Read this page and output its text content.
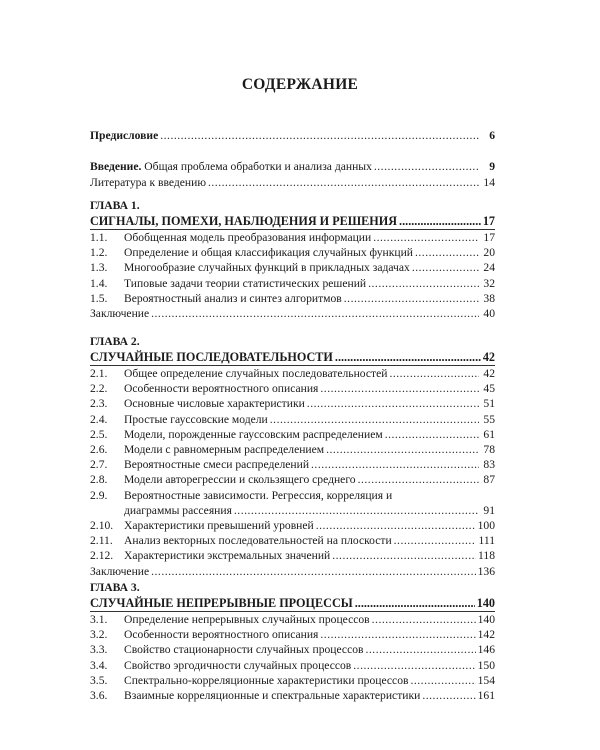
СОДЕРЖАНИЕ
Предисловие .....	6
Введение. Общая проблема обработки и анализа данных .....	9
Литература к введению .....	14
ГЛАВА 1.
СИГНАЛЫ, ПОМЕХИ, НАБЛЮДЕНИЯ И РЕШЕНИЯ .....	17
1.1.	Обобщенная модель преобразования информации .....	17
1.2.	Определение и общая классификация случайных функций .....	20
1.3.	Многообразие случайных функций в прикладных задачах .....	24
1.4.	Типовые задачи теории статистических решений .....	32
1.5.	Вероятностный анализ и синтез алгоритмов .....	38
Заключение .....	40
ГЛАВА 2.
СЛУЧАЙНЫЕ ПОСЛЕДОВАТЕЛЬНОСТИ .....	42
2.1.	Общее определение случайных последовательностей .....	42
2.2.	Особенности вероятностного описания .....	45
2.3.	Основные числовые характеристики .....	51
2.4.	Простые гауссовские модели .....	55
2.5.	Модели, порожденные гауссовским распределением .....	61
2.6.	Модели с равномерным распределением .....	78
2.7.	Вероятностные смеси распределений .....	83
2.8.	Модели авторегрессии и скользящего среднего .....	87
2.9.	Вероятностные зависимости. Регрессия, корреляция и
диаграммы рассеяния .....	91
2.10. Характеристики превышений уровней .....	100
2.11. Анализ векторных последовательностей на плоскости .....	111
2.12. Характеристики экстремальных значений .....	118
Заключение .....	136
ГЛАВА 3.
СЛУЧАЙНЫЕ НЕПРЕРЫВНЫЕ ПРОЦЕССЫ .....	140
3.1.	Определение непрерывных случайных процессов .....	140
3.2.	Особенности вероятностного описания .....	142
3.3.	Свойство стационарности случайных процессов .....	146
3.4.	Свойство эргодичности случайных процессов .....	150
3.5.	Спектрально-корреляционные характеристики процессов .....	154
3.6.	Взаимные корреляционные и спектральные характеристики .....	161
